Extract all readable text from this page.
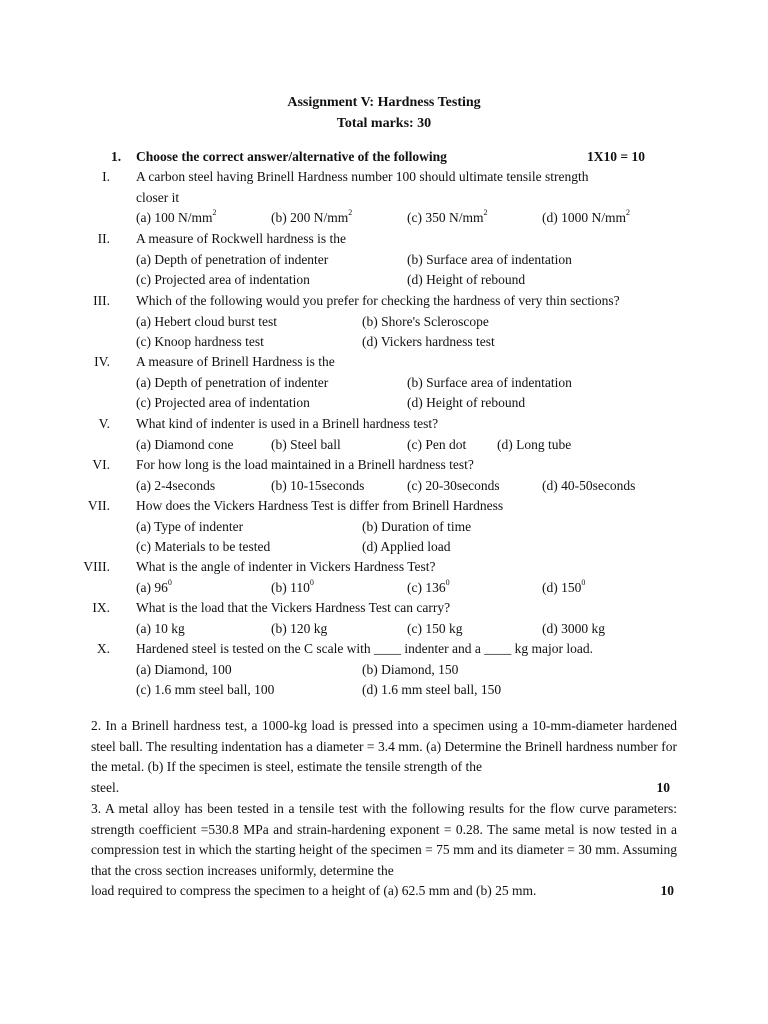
Assignment V: Hardness Testing
Total marks: 30
1. Choose the correct answer/alternative of the following	1X10 = 10
I. A carbon steel having Brinell Hardness number 100 should ultimate tensile strength
closer it
(a) 100 $N/mm^2$	(b) 200 $N/mm^2$	(c) 350 $N/mm^2$	(d) 1000 $N/mm^2$
II. A measure of Rockwell hardness is the
(a) Depth of penetration of indenter	(b) Surface area of indentation
(c) Projected area of indentation	(d) Height of rebound
III. Which of the following would you prefer for checking the hardness of very thin sections?
(a) Hebert cloud burst test	(b) Shore's Scleroscope
(c) Knoop hardness test	(d) Vickers hardness test
IV. A measure of Brinell Hardness is the
(a) Depth of penetration of indenter	(b) Surface area of indentation
(c) Projected area of indentation	(d) Height of rebound
V. What kind of indenter is used in a Brinell hardness test?
(a) Diamond cone	(b) Steel ball	(c) Pen dot (d) Long tube
VI. For how long is the load maintained in a Brinell hardness test?
(a) 2-4seconds	(b) 10-15seconds	(c) 20-30seconds	(d) 40-50seconds
VII. How does the Vickers Hardness Test is differ from Brinell Hardness
(a) Type of indenter	(b) Duration of time
(c) Materials to be tested	(d) Applied load
VIII. What is the angle of indenter in Vickers Hardness Test?
(a) $96^0$	(b) $110^0$	(c) $136^0$	(d) $150^0$
IX. What is the load that the Vickers Hardness Test can carry?
(a) 10 kg	(b) 120 kg	(c) 150 kg	(d) 3000 kg
X. Hardened steel is tested on the C scale with ____ indenter and a ____ kg major load.
(a) Diamond, 100	(b) Diamond, 150
(c) 1.6 mm steel ball, 100	(d) 1.6 mm steel ball, 150
2. In a Brinell hardness test, a 1000-kg load is pressed into a specimen using a 10-mm-diameter hardened steel ball. The resulting indentation has a diameter = 3.4 mm. (a) Determine the Brinell hardness number for the metal. (b) If the specimen is steel, estimate the tensile strength of the
steel.	10
3. A metal alloy has been tested in a tensile test with the following results for the flow curve parameters: strength coefficient =530.8 MPa and strain-hardening exponent = 0.28. The same metal is now tested in a compression test in which the starting height of the specimen = 75 mm and its diameter = 30 mm. Assuming that the cross section increases uniformly, determine the
load required to compress the specimen to a height of (a) 62.5 mm and (b) 25 mm.	10
